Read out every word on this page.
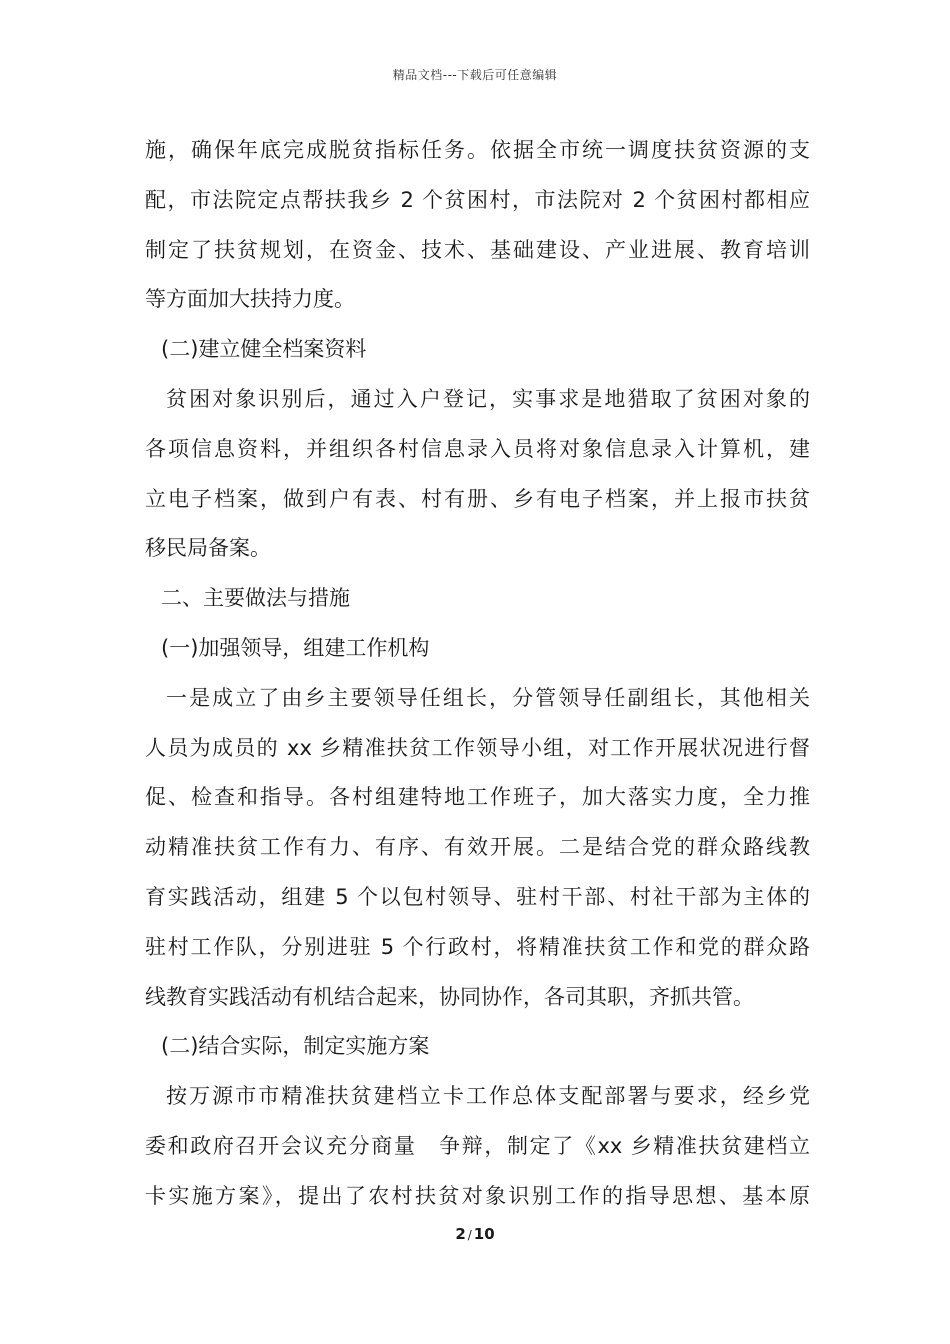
精品文档---下载后可任意编辑
施，确保年底完成脱贫指标任务。依据全市统一调度扶贫资源的支
配，市法院定点帮扶我乡 2 个贫困村，市法院对 2 个贫困村都相应
制定了扶贫规划，在资金、技术、基础建设、产业进展、教育培训
等方面加大扶持力度。
(二)建立健全档案资料
贫困对象识别后，通过入户登记，实事求是地猎取了贫困对象的
各项信息资料，并组织各村信息录入员将对象信息录入计算机，建
立电子档案，做到户有表、村有册、乡有电子档案，并上报市扶贫
移民局备案。
二、主要做法与措施
(一)加强领导，组建工作机构
一是成立了由乡主要领导任组长，分管领导任副组长，其他相关
人员为成员的 xx 乡精准扶贫工作领导小组，对工作开展状况进行督
促、检查和指导。各村组建特地工作班子，加大落实力度，全力推
动精准扶贫工作有力、有序、有效开展。二是结合党的群众路线教
育实践活动，组建 5 个以包村领导、驻村干部、村社干部为主体的
驻村工作队，分别进驻 5 个行政村，将精准扶贫工作和党的群众路
线教育实践活动有机结合起来，协同协作，各司其职，齐抓共管。
(二)结合实际，制定实施方案
按万源市市精准扶贫建档立卡工作总体支配部署与要求，经乡党
委和政府召开会议充分商量　争辩，制定了《xx 乡精准扶贫建档立
卡实施方案》，提出了农村扶贫对象识别工作的指导思想、基本原
2 / 10
